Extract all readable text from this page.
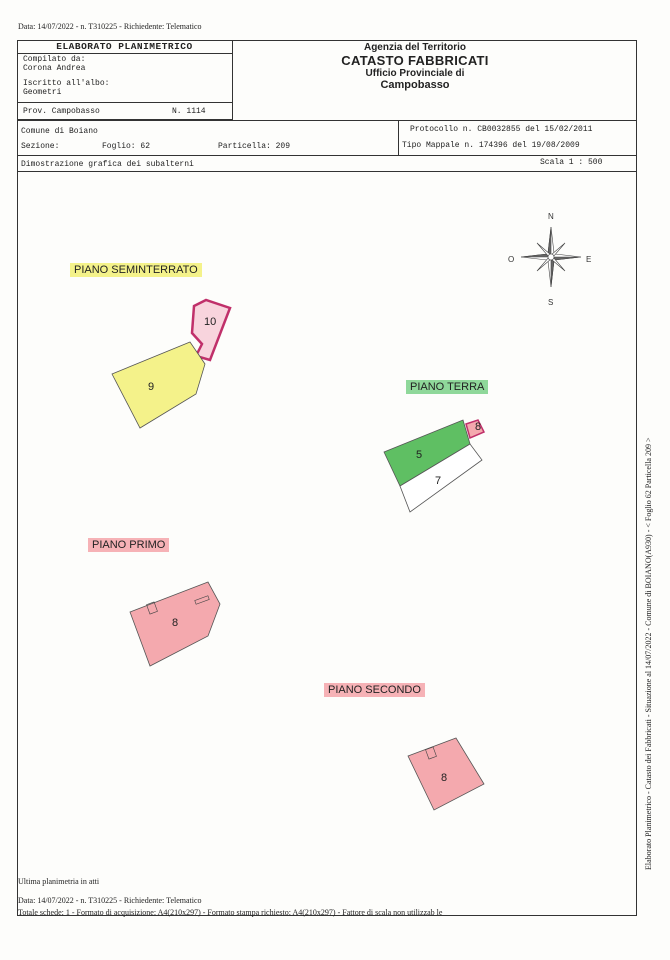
Data: 14/07/2022 - n. T310225 - Richiedente: Telematico
ELABORATO PLANIMETRICO
Compilato da:
Corona Andrea
Iscritto all'albo:
Geometri
Prov. Campobasso	N. 1114
Agenzia del Territorio
CATASTO FABBRICATI
Ufficio Provinciale di
Campobasso
Comune di Boiano
Sezione:	Foglio: 62	Particella: 209
Protocollo n. CB0032855 del 15/02/2011
Tipo Mappale n. 174396 del 19/08/2009
Dimostrazione grafica dei subalterni	Scala 1 : 500
N
S
E
O
PIANO SEMINTERRATO
PIANO TERRA
PIANO PRIMO
PIANO SECONDO
10
9
5
7
8
8
8
Ultima planimetria in atti
Data: 14/07/2022 - n. T310225 - Richiedente: Telematico
Totale schede: 1 - Formato di acquisizione: A4(210x297) - Formato stampa richiesto: A4(210x297) - Fattore di scala non utilizzab le
Elaborato Planimetrico - Catasto dei Fabbricati - Situazione al 14/07/2022 - Comune di BOIANO(A930) - < Foglio 62 Particella 209 >
